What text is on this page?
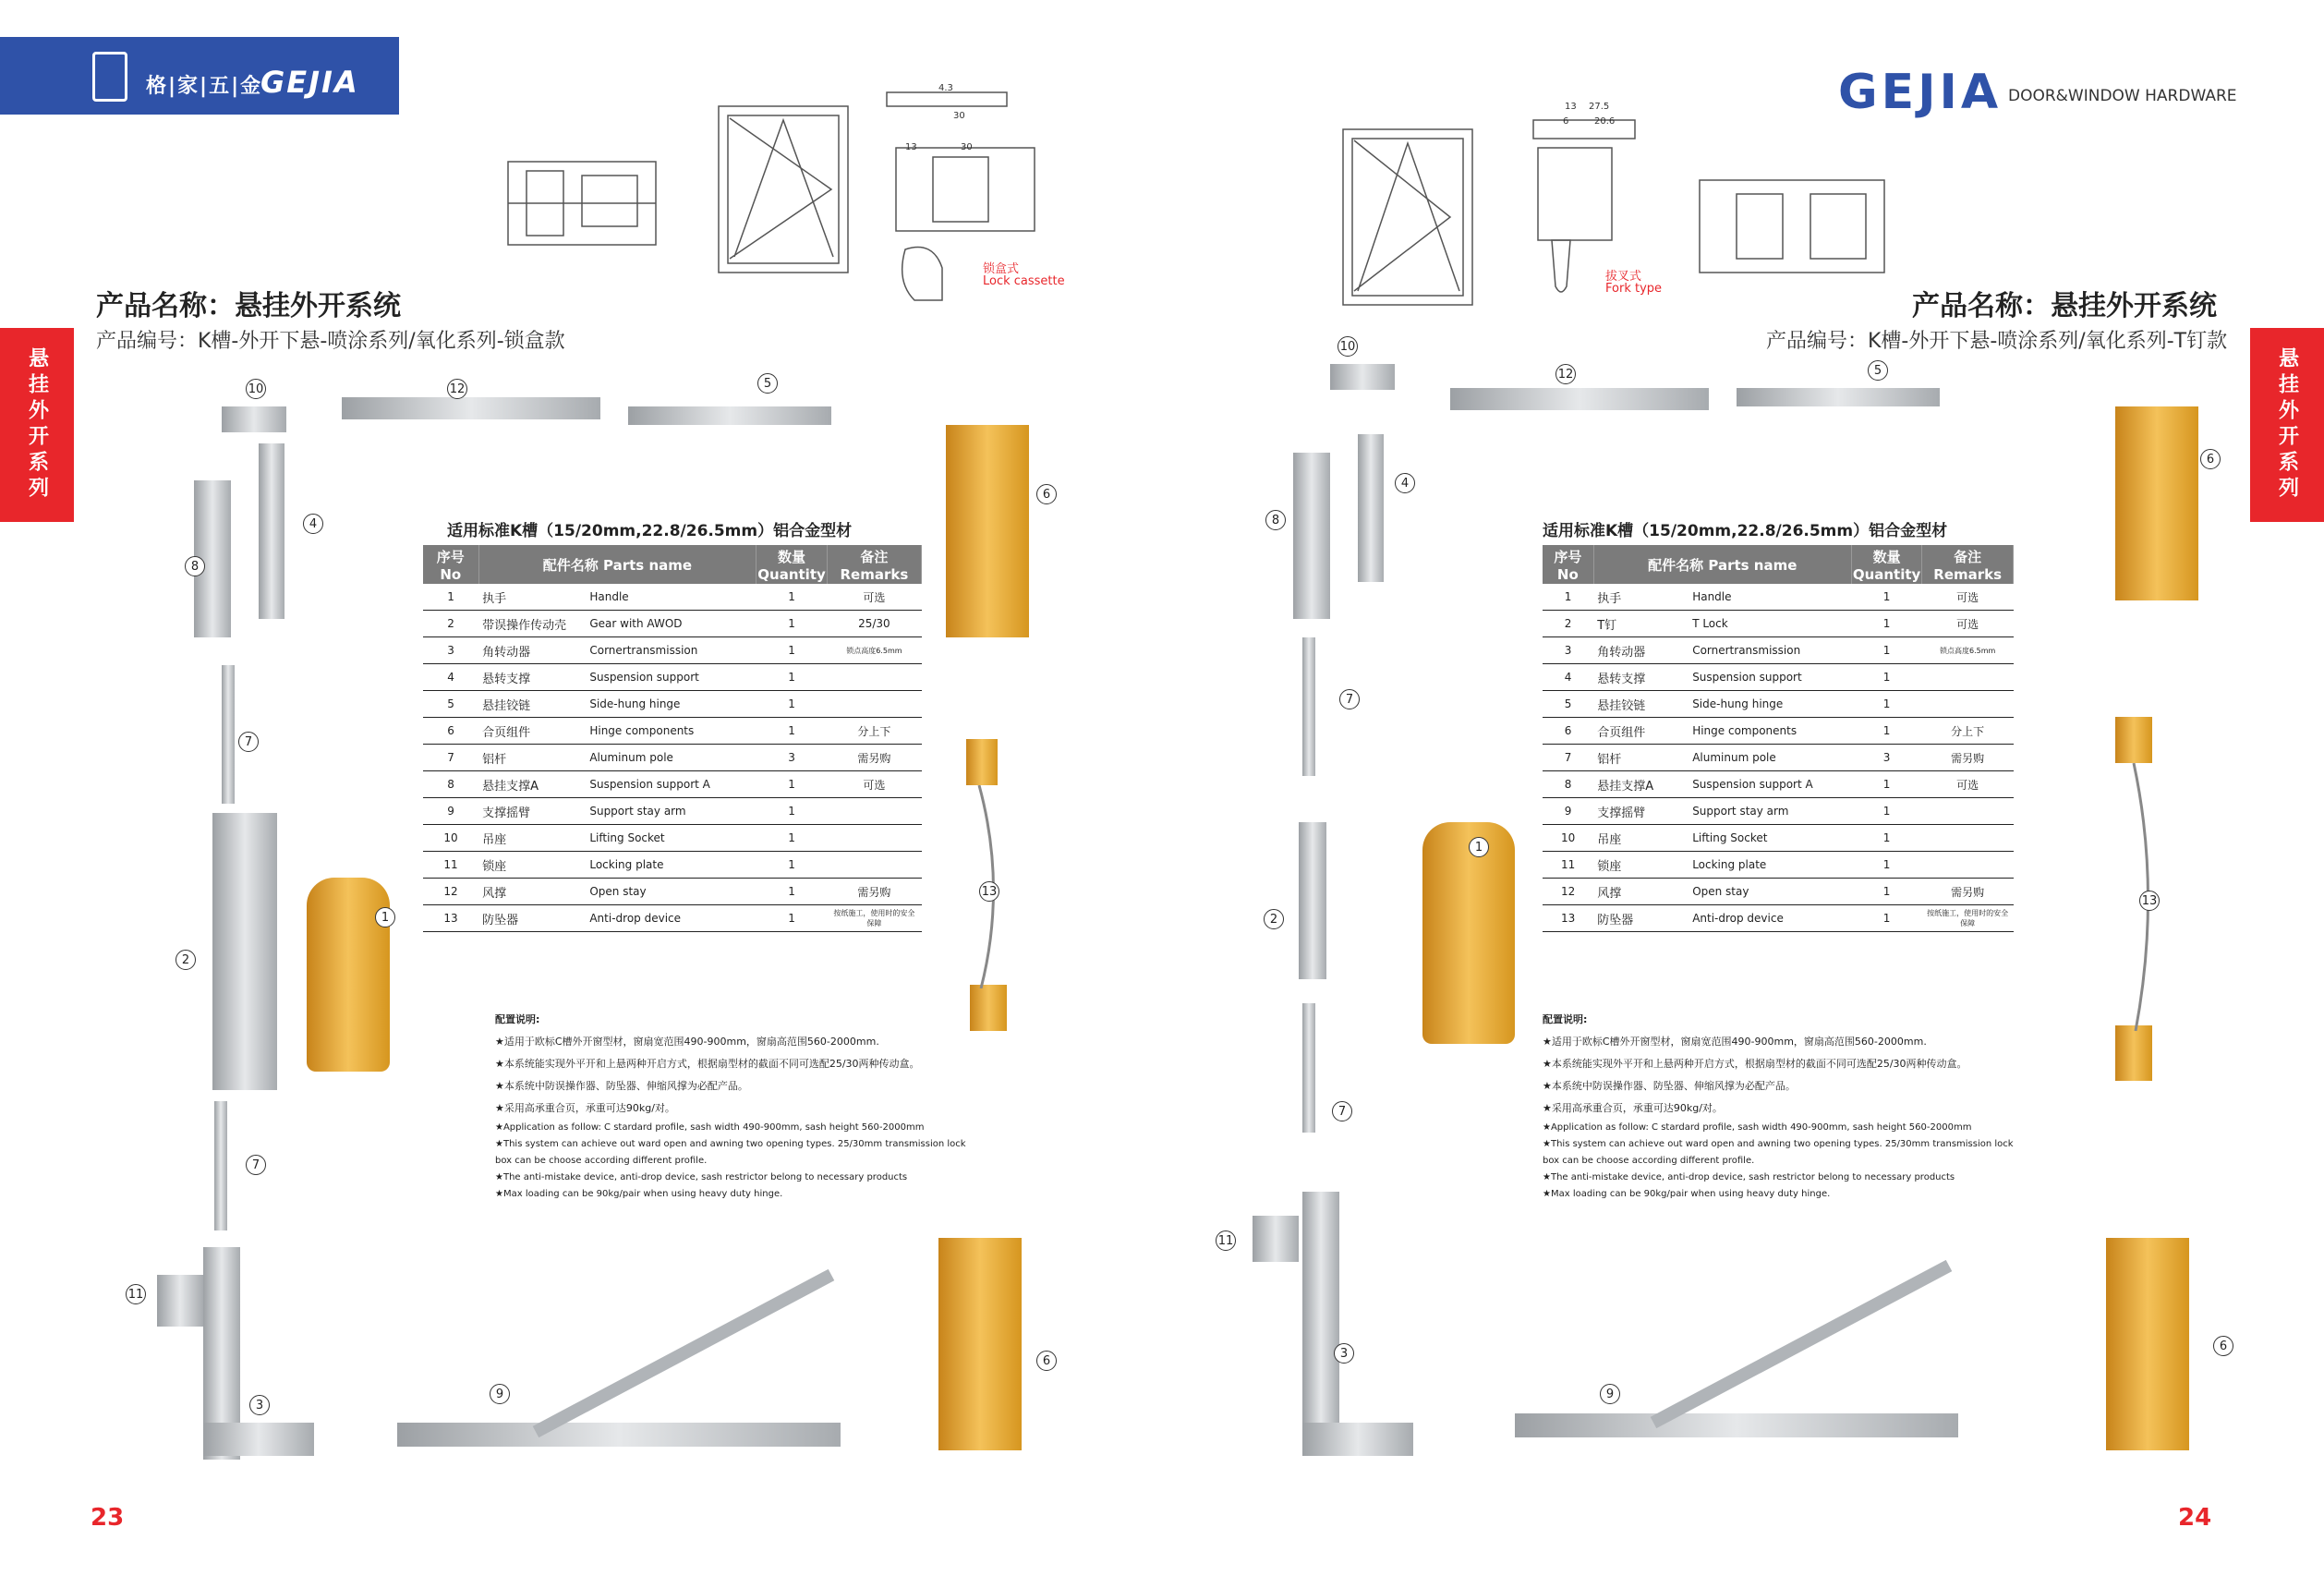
格|家|五|金
GEJIA	GEJIA DOOR&WINDOW HARDWARE
悬挂外开系列	悬挂外开系列
4.3
30
13	30
锁盒式
Lock cassette
13 27.5
6	20.6
拔叉式
Fork type
产品名称：悬挂外开系统
产品编号：K槽-外开下悬-喷涂系列/氧化系列-锁盒款
产品名称：悬挂外开系统
产品编号：K槽-外开下悬-喷涂系列/氧化系列-T钉款
10	12	5
4
8
6
7
1
2
13
7
11
3
9
6
10
12	5
4
8
6
7
1
2
13
7
11
3
9
6
适用标准K槽（15/20mm,22.8/26.5mm）铝合金型材	适用标准K槽（15/20mm,22.8/26.5mm）铝合金型材
序号 No	配件名称 Parts name		数量 Quantity	备注 Remarks
1	执手	Handle	1	可选
2	带误操作传动壳	Gear with AWOD	1	25/30
3	角转动器	Cornertransmission	1	锁点高度6.5mm
4	悬转支撑	Suspension support	1	
5	悬挂铰链	Side-hung hinge	1	
6	合页组件	Hinge components	1	分上下
7	铝杆	Aluminum pole	3	需另购
8	悬挂支撑A	Suspension support A	1	可选
9	支撑摇臂	Support stay arm	1	
10	吊座	Lifting Socket	1	
11	锁座	Locking plate	1	
12	风撑	Open stay	1	需另购
13	防坠器	Anti-drop device	1	按纸施工，使用时的安全保障
序号 No	配件名称 Parts name		数量 Quantity	备注 Remarks
1	执手	Handle	1	可选
2	T钉	T Lock	1	可选
3	角转动器	Cornertransmission	1	锁点高度6.5mm
4	悬转支撑	Suspension support	1	
5	悬挂铰链	Side-hung hinge	1	
6	合页组件	Hinge components	1	分上下
7	铝杆	Aluminum pole	3	需另购
8	悬挂支撑A	Suspension support A	1	可选
9	支撑摇臂	Support stay arm	1	
10	吊座	Lifting Socket	1	
11	锁座	Locking plate	1	
12	风撑	Open stay	1	需另购
13	防坠器	Anti-drop device	1	按纸施工，使用时的安全保障
配置说明:
★适用于欧标C槽外开窗型材，窗扇宽范围490-900mm，窗扇高范围560-2000mm.
★本系统能实现外平开和上悬两种开启方式，根据扇型材的截面不同可选配25/30两种传动盒。
★本系统中防误操作器、防坠器、伸缩风撑为必配产品。
★采用高承重合页，承重可达90kg/对。
★Application as follow: C stardard profile, sash width 490-900mm, sash height 560-2000mm
★This system can achieve out ward open and awning two opening types. 25/30mm transmission lock box can be choose according different profile.
★The anti-mistake device, anti-drop device, sash restrictor belong to necessary products
★Max loading can be 90kg/pair when using heavy duty hinge.
配置说明:
★适用于欧标C槽外开窗型材，窗扇宽范围490-900mm，窗扇高范围560-2000mm.
★本系统能实现外平开和上悬两种开启方式，根据扇型材的截面不同可选配25/30两种传动盒。
★本系统中防误操作器、防坠器、伸缩风撑为必配产品。
★采用高承重合页，承重可达90kg/对。
★Application as follow: C stardard profile, sash width 490-900mm, sash height 560-2000mm
★This system can achieve out ward open and awning two opening types. 25/30mm transmission lock box can be choose according different profile.
★The anti-mistake device, anti-drop device, sash restrictor belong to necessary products
★Max loading can be 90kg/pair when using heavy duty hinge.
23	24
